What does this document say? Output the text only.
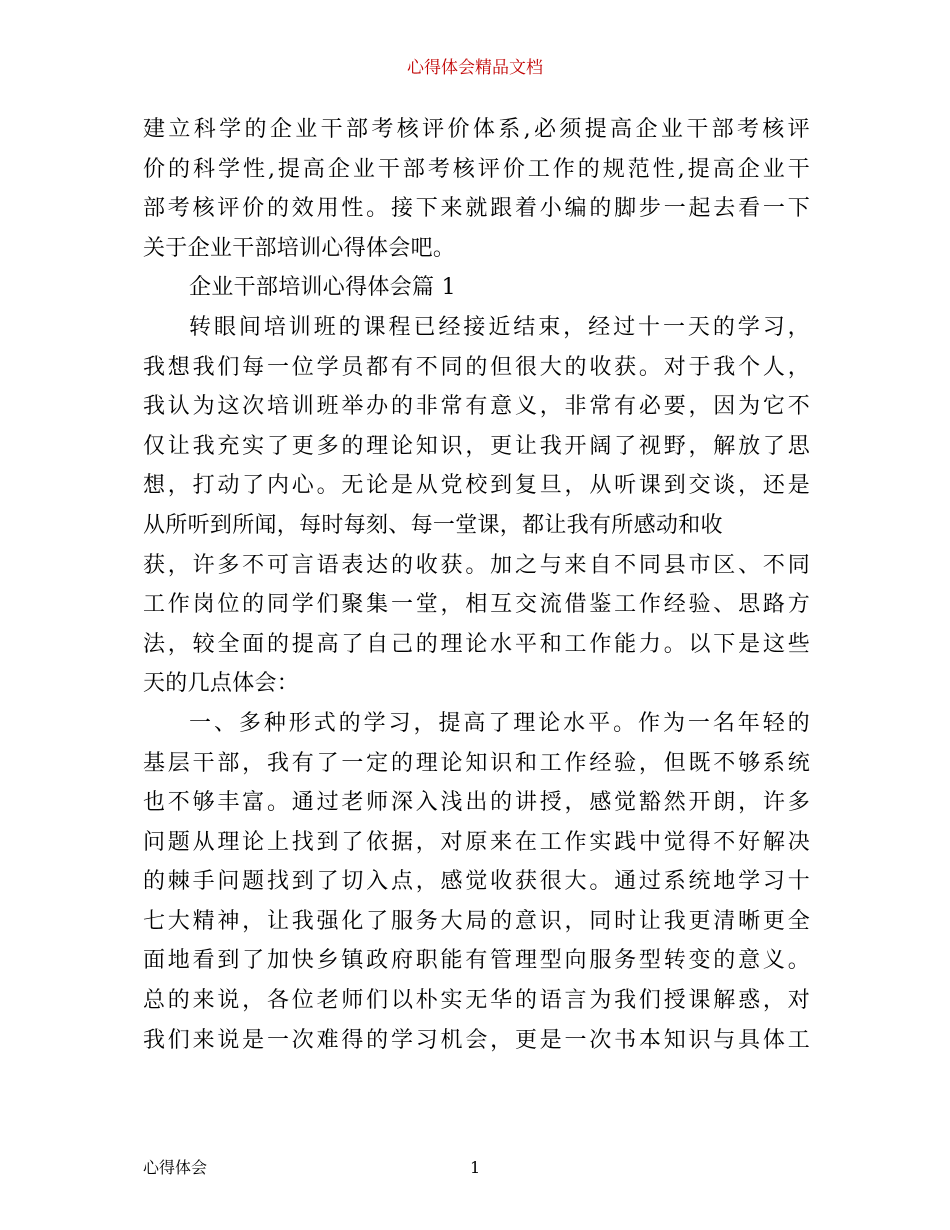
心得体会精品文档
建立科学的企业干部考核评价体系,必须提高企业干部考核评
价的科学性,提高企业干部考核评价工作的规范性,提高企业干
部考核评价的效用性。接下来就跟着小编的脚步一起去看一下
关于企业干部培训心得体会吧。
企业干部培训心得体会篇 1
转眼间培训班的课程已经接近结束，经过十一天的学习，
我想我们每一位学员都有不同的但很大的收获。对于我个人，
我认为这次培训班举办的非常有意义，非常有必要，因为它不
仅让我充实了更多的理论知识，更让我开阔了视野，解放了思
想，打动了内心。无论是从党校到复旦，从听课到交谈，还是
从所听到所闻，每时每刻、每一堂课，都让我有所感动和收
获，许多不可言语表达的收获。加之与来自不同县市区、不同
工作岗位的同学们聚集一堂，相互交流借鉴工作经验、思路方
法，较全面的提高了自己的理论水平和工作能力。以下是这些
天的几点体会：
一、多种形式的学习，提高了理论水平。作为一名年轻的
基层干部，我有了一定的理论知识和工作经验，但既不够系统
也不够丰富。通过老师深入浅出的讲授，感觉豁然开朗，许多
问题从理论上找到了依据，对原来在工作实践中觉得不好解决
的棘手问题找到了切入点，感觉收获很大。通过系统地学习十
七大精神，让我强化了服务大局的意识，同时让我更清晰更全
面地看到了加快乡镇政府职能有管理型向服务型转变的意义。
总的来说，各位老师们以朴实无华的语言为我们授课解惑，对
我们来说是一次难得的学习机会，更是一次书本知识与具体工
心得体会	1
